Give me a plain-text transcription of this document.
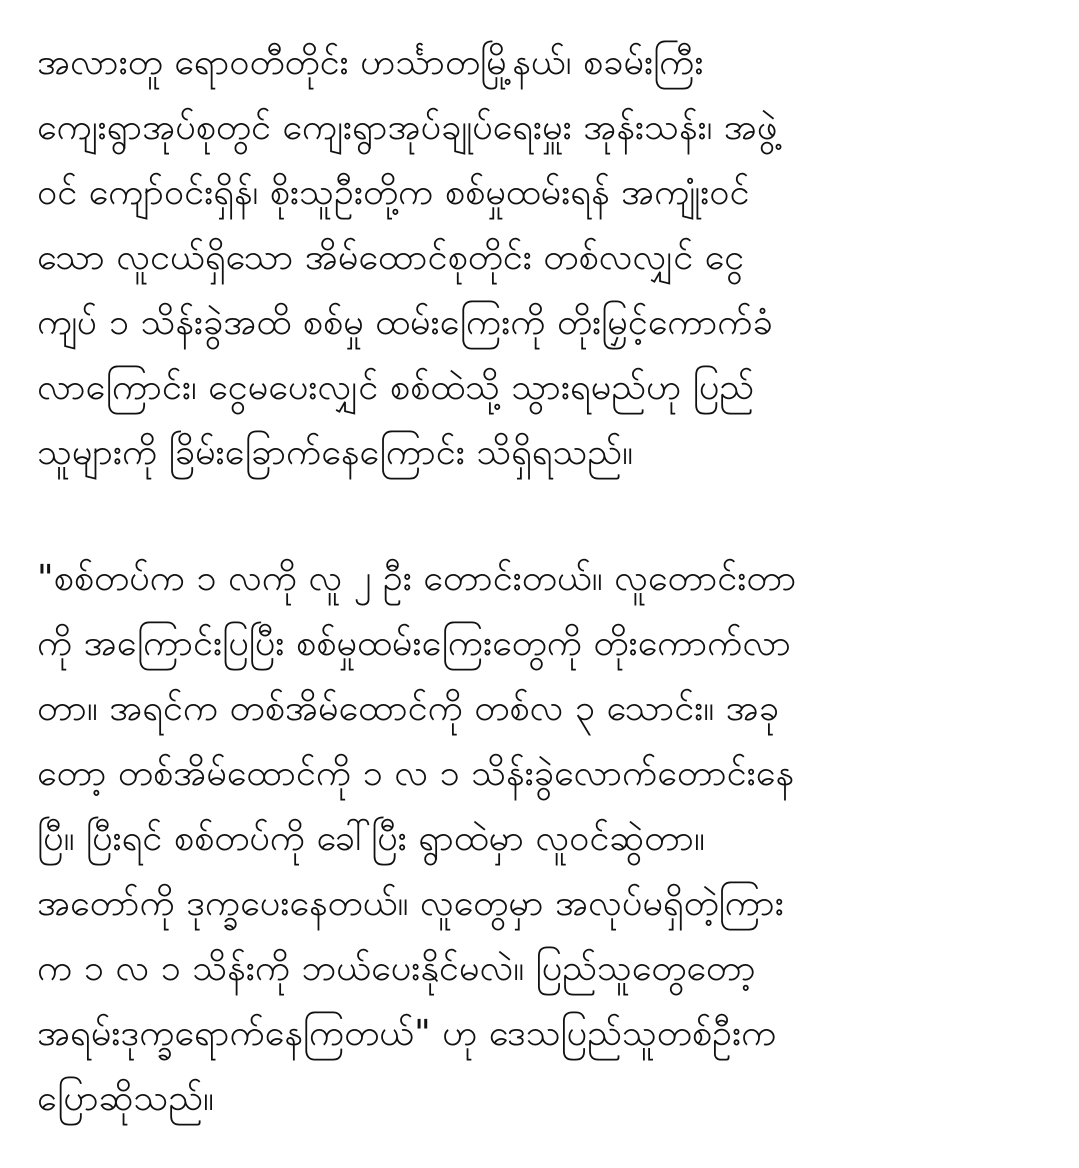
အလားတူ ရောဝတီတိုင်း ဟင်္သာတမြို့နယ်၊ စခမ်းကြီး
ကျေးရွာအုပ်စုတွင် ကျေးရွာအုပ်ချုပ်ရေးမှူး အုန်းသန်း၊ အဖွဲ့
ဝင် ကျော်ဝင်းရှိန်၊ စိုးသူဦးတို့က စစ်မှုထမ်းရန် အကျုံးဝင်
သော လူငယ်ရှိသော အိမ်ထောင်စုတိုင်း တစ်လလျှင် ငွေ
ကျပ် ၁ သိန်းခွဲအထိ စစ်မှု ထမ်းကြေးကို တိုးမြှင့်ကောက်ခံ
လာကြောင်း၊ ငွေမပေးလျှင် စစ်ထဲသို့ သွားရမည်ဟု ပြည်
သူများကို ခြိမ်းခြောက်နေကြောင်း သိရှိရသည်။
"စစ်တပ်က ၁ လကို လူ ၂ ဦး တောင်းတယ်။ လူတောင်းတာ
ကို အကြောင်းပြပြီး စစ်မှုထမ်းကြေးတွေကို တိုးကောက်လာ
တာ။ အရင်က တစ်အိမ်ထောင်ကို တစ်လ ၃ သောင်း။ အခု
တော့ တစ်အိမ်ထောင်ကို ၁ လ ၁ သိန်းခွဲလောက်တောင်းနေ
ပြီ။ ပြီးရင် စစ်တပ်ကို ခေါ်ပြီး ရွာထဲမှာ လူဝင်ဆွဲတာ။
အတော်ကို ဒုက္ခပေးနေတယ်။ လူတွေမှာ အလုပ်မရှိတဲ့ကြား
က ၁ လ ၁ သိန်းကို ဘယ်ပေးနိုင်မလဲ။ ပြည်သူတွေတော့
အရမ်းဒုက္ခရောက်နေကြတယ်" ဟု ဒေသပြည်သူတစ်ဦးက
ပြောဆိုသည်။
